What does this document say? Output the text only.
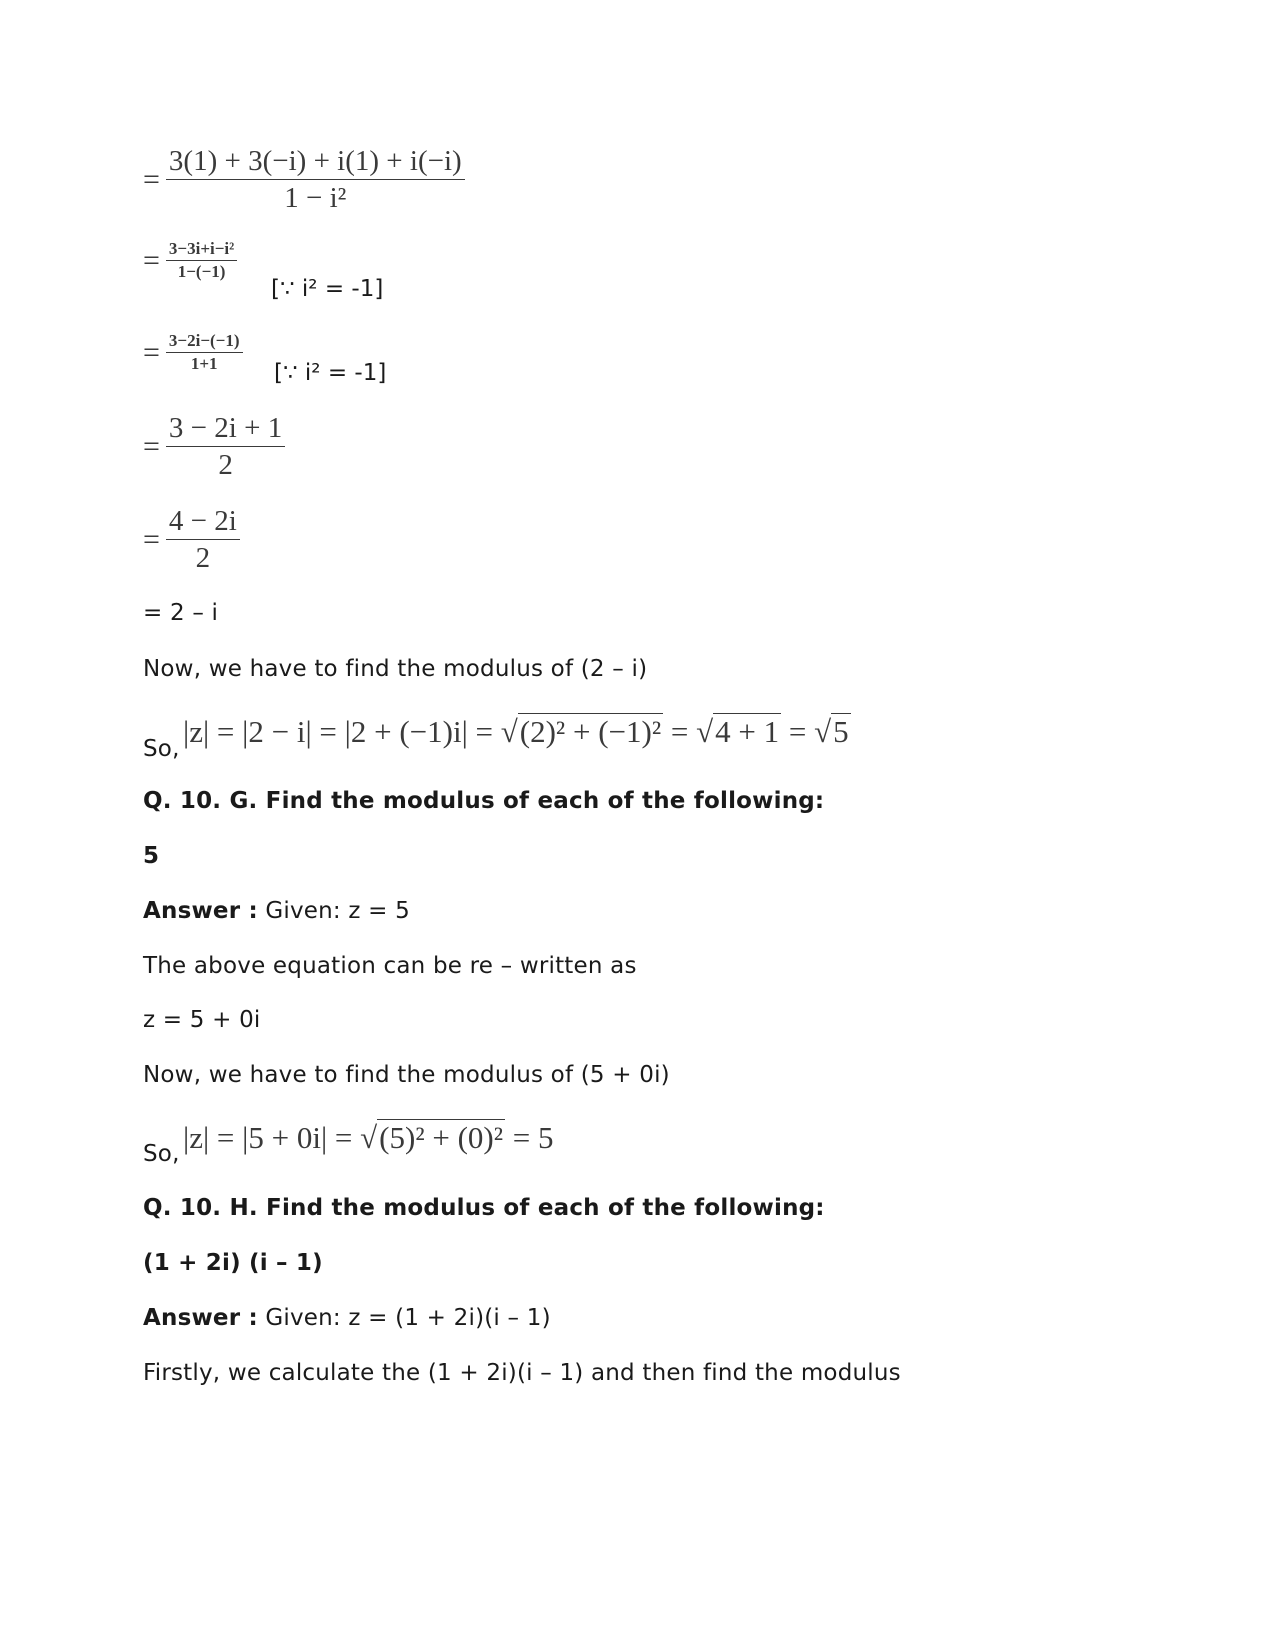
= $\frac{3(1) + 3(-i) + i(1) + i(-i)}{\text{1 − i²}}$
= $\frac{\text{3−3i+i−i²}}{1-(-1)}$
[∵ i² = -1]
= $\frac{3-2i-(-1)}{1+1}$ [∵ i² = -1]
= $\frac{3 - 2i + 1}{2}$
= $\frac{4 - 2i}{2}$
= 2 – i
Now, we have to find the modulus of (2 – i)
So, |z| = |2 − i| = |2 + (−1)i| = √(2)² + (−1)² = √4 + 1 = √5
Q. 10. G. Find the modulus of each of the following:
5
Answer : Given: z = 5
The above equation can be re – written as
z = 5 + 0i
Now, we have to find the modulus of (5 + 0i)
So, |z| = |5 + 0i| = √(5)² + (0)² = 5
Q. 10. H. Find the modulus of each of the following:
(1 + 2i) (i – 1)
Answer : Given: z = (1 + 2i)(i – 1)
Firstly, we calculate the (1 + 2i)(i – 1) and then find the modulus
